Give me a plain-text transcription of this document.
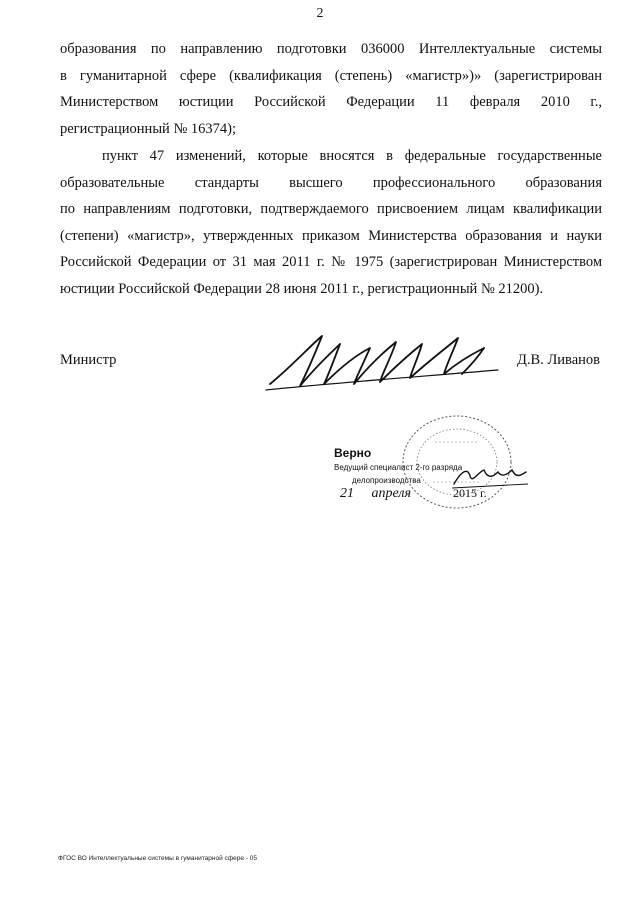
2
образования по направлению подготовки 036000 Интеллектуальные системы
в гуманитарной сфере (квалификация (степень) «магистр»)» (зарегистрирован
Министерством юстиции Российской Федерации 11 февраля 2010 г.,
регистрационный № 16374);
пункт 47 изменений, которые вносятся в федеральные государственные
образовательные стандарты высшего профессионального образования
по направлениям подготовки, подтверждаемого присвоением лицам квалификации
(степени) «магистр», утвержденных приказом Министерства образования и науки
Российской Федерации от 31 мая 2011 г. № 1975 (зарегистрирован Министерством
юстиции Российской Федерации 28 июня 2011 г., регистрационный № 21200).
Министр	Д.В. Ливанов
Верно
Ведущий специалист 2-го разряда
делопроизводства
21 апреля	2015 г.
ФГОС ВО Интеллектуальные системы в гуманитарной сфере - 05
